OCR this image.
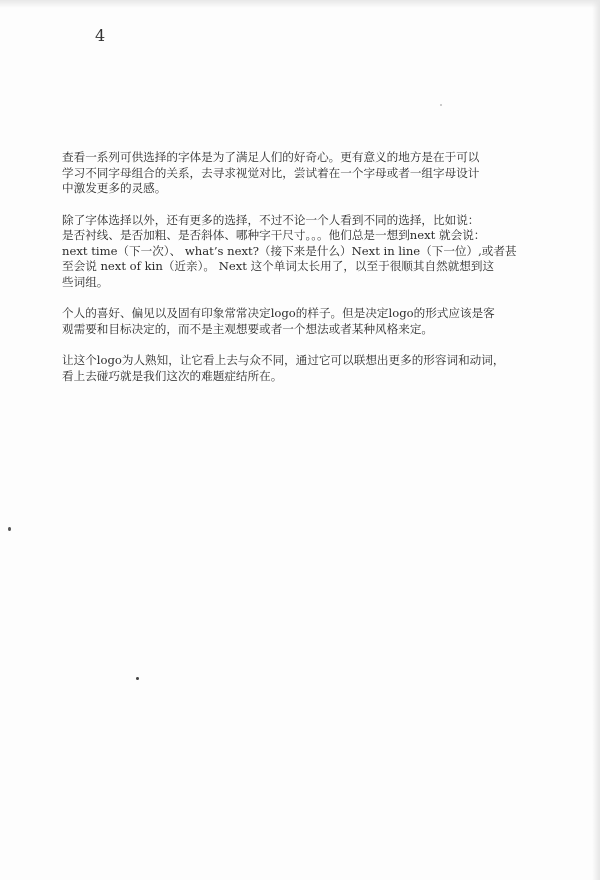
4

查看一系列可供选择的字体是为了满足人们的好奇心。更有意义的地方是在于可以
学习不同字母组合的关系，去寻求视觉对比，尝试着在一个字母或者一组字母设计
中激发更多的灵感。

除了字体选择以外，还有更多的选择，不过不论一个人看到不同的选择，比如说：
是否衬线、是否加粗、是否斜体、哪种字干尺寸。。。他们总是一想到next 就会说：
next time（下一次）、 what’s next?（接下来是什么）Next in line（下一位）,或者甚
至会说 next of kin（近亲）。 Next 这个单词太长用了，以至于很顺其自然就想到这
些词组。

个人的喜好、偏见以及固有印象常常决定logo的样子。但是决定logo的形式应该是客
观需要和目标决定的，而不是主观想要或者一个想法或者某种风格来定。

让这个logo为人熟知，让它看上去与众不同，通过它可以联想出更多的形容词和动词，
看上去碰巧就是我们这次的难题症结所在。
